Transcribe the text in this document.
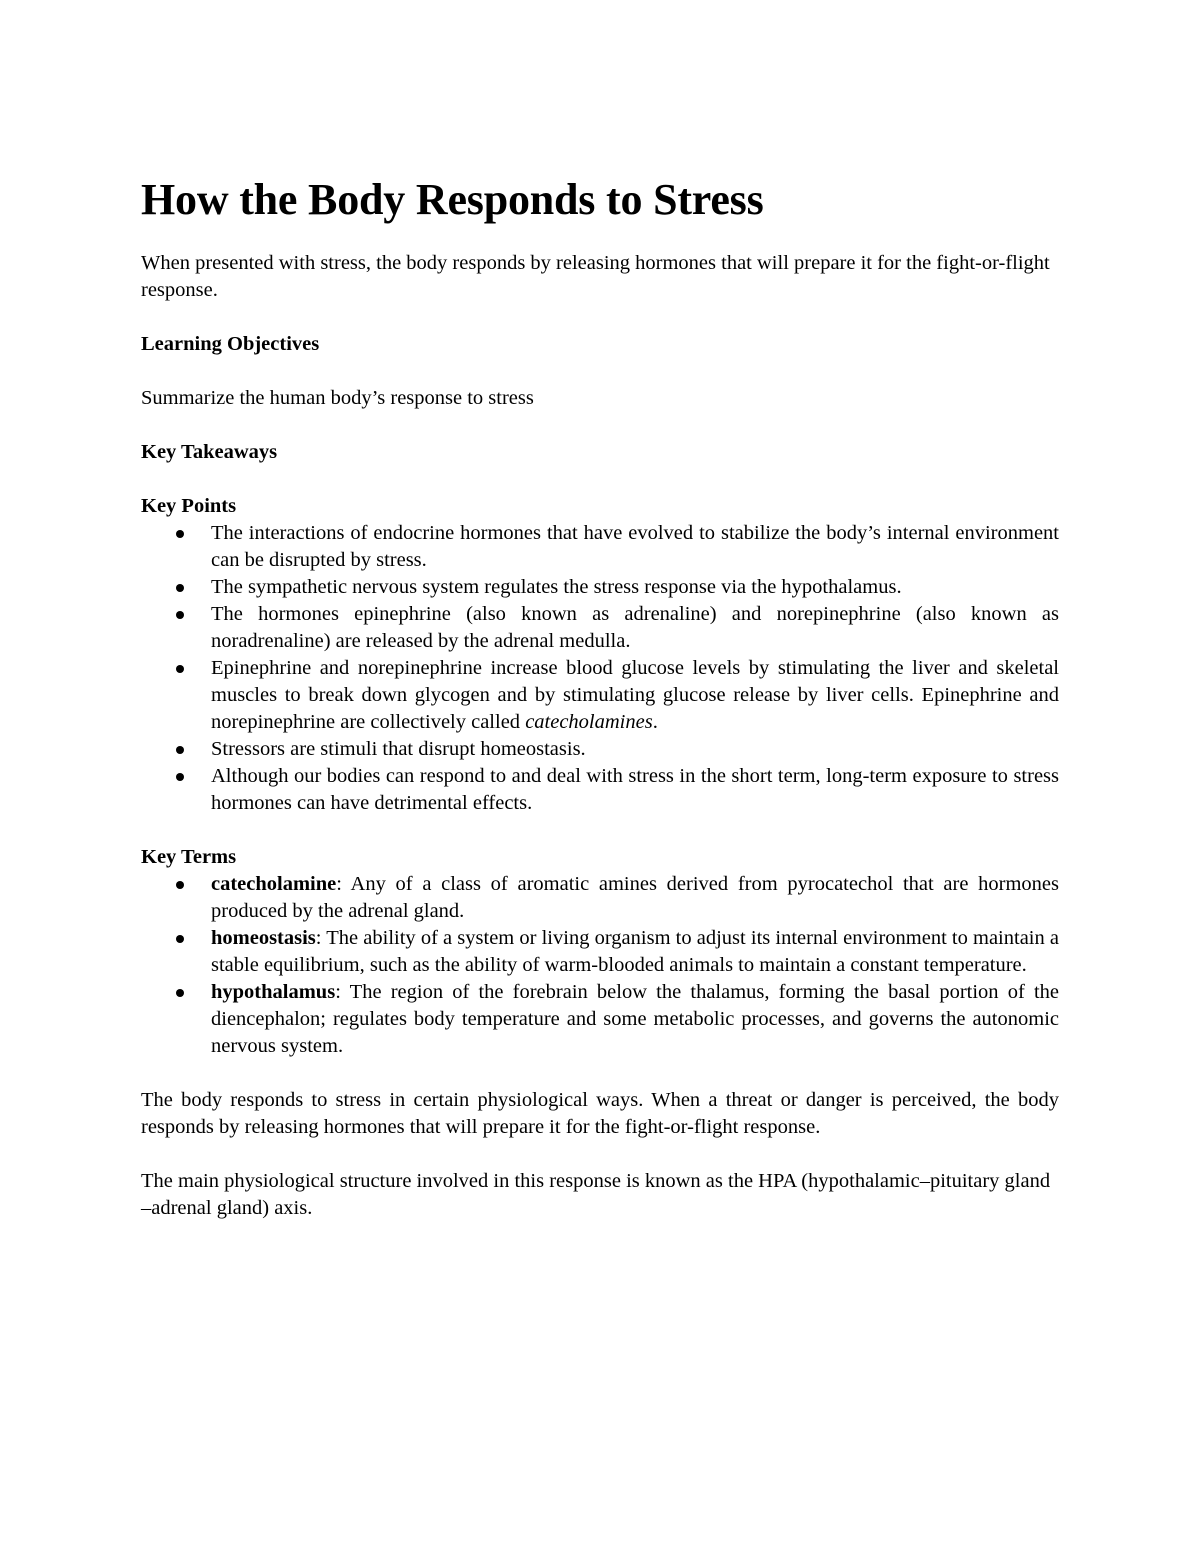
How the Body Responds to Stress

When presented with stress, the body responds by releasing hormones that will prepare it for the fight-or-flight response.

Learning Objectives

Summarize the human body’s response to stress

Key Takeaways
Key Points
The interactions of endocrine hormones that have evolved to stabilize the body’s internal environment can be disrupted by stress.
The sympathetic nervous system regulates the stress response via the hypothalamus.
The hormones epinephrine (also known as adrenaline) and norepinephrine (also known as noradrenaline) are released by the adrenal medulla.
Epinephrine and norepinephrine increase blood glucose levels by stimulating the liver and skeletal muscles to break down glycogen and by stimulating glucose release by liver cells. Epinephrine and norepinephrine are collectively called catecholamines.
Stressors are stimuli that disrupt homeostasis.
Although our bodies can respond to and deal with stress in the short term, long-term exposure to stress hormones can have detrimental effects.
Key Terms
catecholamine: Any of a class of aromatic amines derived from pyrocatechol that are hormones produced by the adrenal gland.
homeostasis: The ability of a system or living organism to adjust its internal environment to maintain a stable equilibrium, such as the ability of warm-blooded animals to maintain a constant temperature.
hypothalamus: The region of the forebrain below the thalamus, forming the basal portion of the diencephalon; regulates body temperature and some metabolic processes, and governs the autonomic nervous system.

The body responds to stress in certain physiological ways. When a threat or danger is perceived, the body responds by releasing hormones that will prepare it for the fight-or-flight response.

The main physiological structure involved in this response is known as the HPA (hypothalamic–pituitary gland –adrenal gland) axis.
